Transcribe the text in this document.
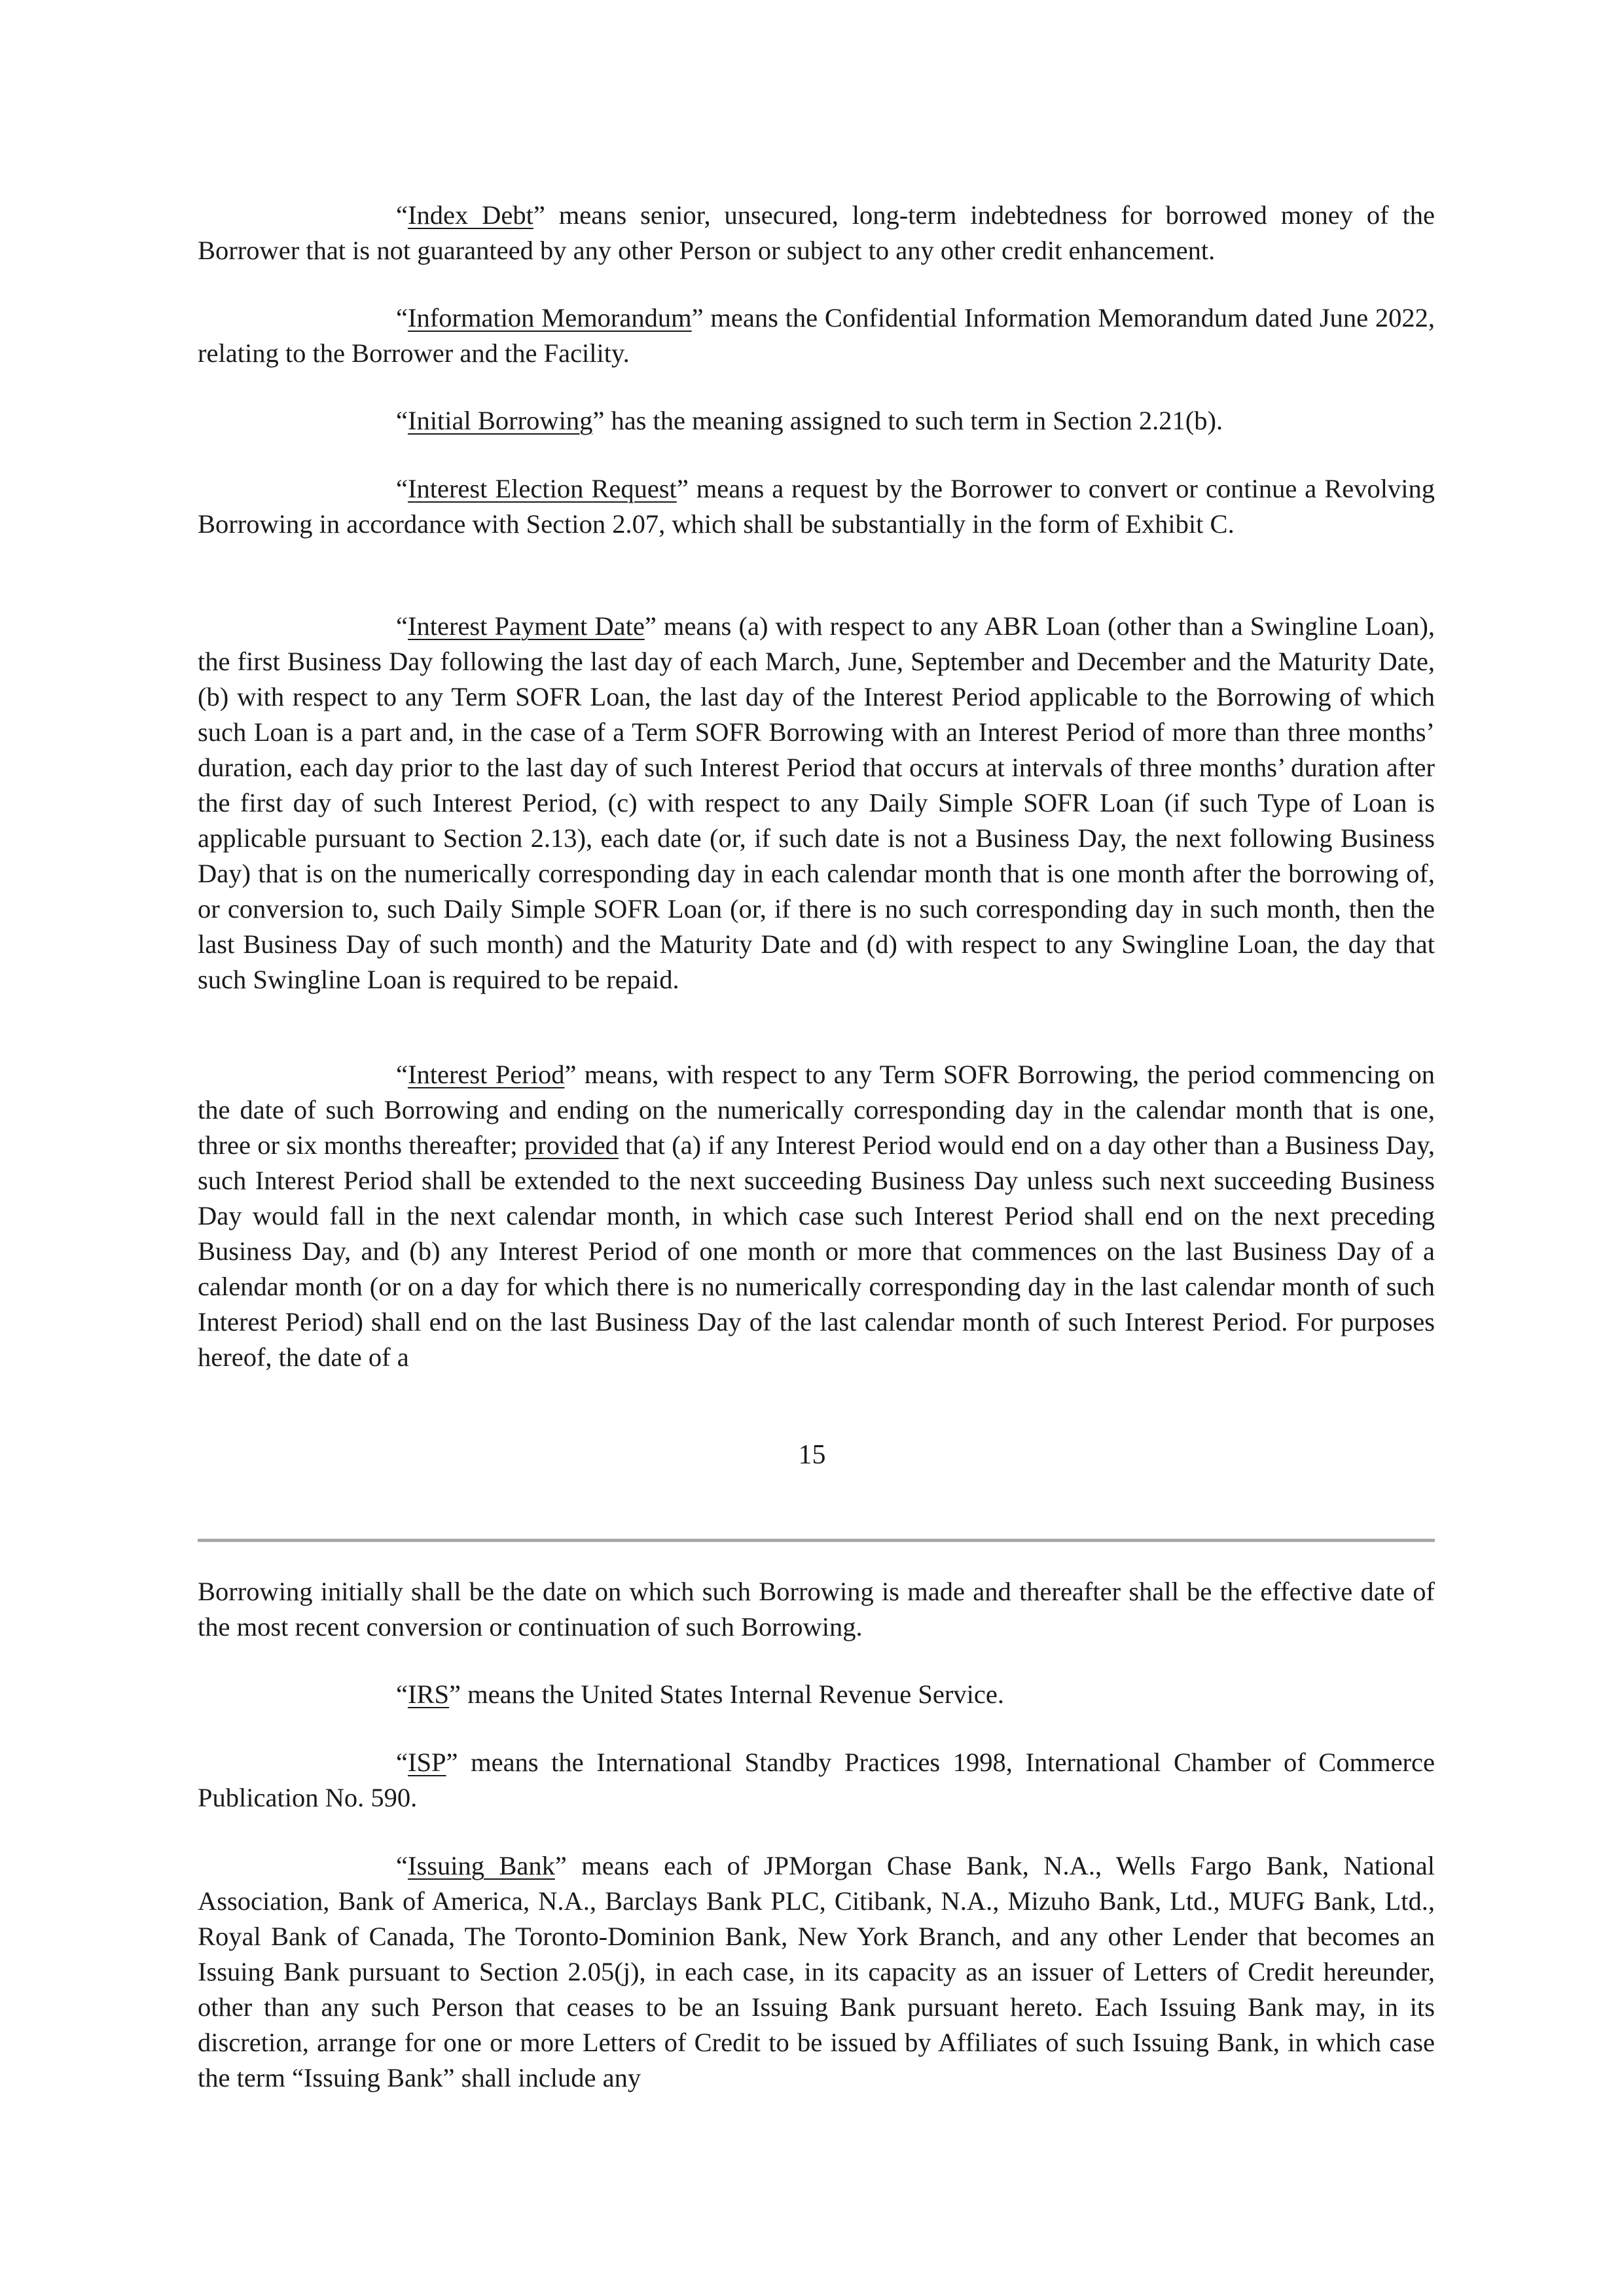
“Index Debt” means senior, unsecured, long-term indebtedness for borrowed money of the Borrower that is not guaranteed by any other Person or subject to any other credit enhancement.

“Information Memorandum” means the Confidential Information Memorandum dated June 2022, relating to the Borrower and the Facility.

“Initial Borrowing” has the meaning assigned to such term in Section 2.21(b).

“Interest Election Request” means a request by the Borrower to convert or continue a Revolving Borrowing in accordance with Section 2.07, which shall be substantially in the form of Exhibit C.

“Interest Payment Date” means (a) with respect to any ABR Loan (other than a Swingline Loan), the first Business Day following the last day of each March, June, September and December and the Maturity Date, (b) with respect to any Term SOFR Loan, the last day of the Interest Period applicable to the Borrowing of which such Loan is a part and, in the case of a Term SOFR Borrowing with an Interest Period of more than three months’ duration, each day prior to the last day of such Interest Period that occurs at intervals of three months’ duration after the first day of such Interest Period, (c) with respect to any Daily Simple SOFR Loan (if such Type of Loan is applicable pursuant to Section 2.13), each date (or, if such date is not a Business Day, the next following Business Day) that is on the numerically corresponding day in each calendar month that is one month after the borrowing of, or conversion to, such Daily Simple SOFR Loan (or, if there is no such corresponding day in such month, then the last Business Day of such month) and the Maturity Date and (d) with respect to any Swingline Loan, the day that such Swingline Loan is required to be repaid.

“Interest Period” means, with respect to any Term SOFR Borrowing, the period commencing on the date of such Borrowing and ending on the numerically corresponding day in the calendar month that is one, three or six months thereafter; provided that (a) if any Interest Period would end on a day other than a Business Day, such Interest Period shall be extended to the next succeeding Business Day unless such next succeeding Business Day would fall in the next calendar month, in which case such Interest Period shall end on the next preceding Business Day, and (b) any Interest Period of one month or more that commences on the last Business Day of a calendar month (or on a day for which there is no numerically corresponding day in the last calendar month of such Interest Period) shall end on the last Business Day of the last calendar month of such Interest Period. For purposes hereof, the date of a

15

Borrowing initially shall be the date on which such Borrowing is made and thereafter shall be the effective date of the most recent conversion or continuation of such Borrowing.

“IRS” means the United States Internal Revenue Service.

“ISP” means the International Standby Practices 1998, International Chamber of Commerce Publication No. 590.

“Issuing Bank” means each of JPMorgan Chase Bank, N.A., Wells Fargo Bank, National Association, Bank of America, N.A., Barclays Bank PLC, Citibank, N.A., Mizuho Bank, Ltd., MUFG Bank, Ltd., Royal Bank of Canada, The Toronto-Dominion Bank, New York Branch, and any other Lender that becomes an Issuing Bank pursuant to Section 2.05(j), in each case, in its capacity as an issuer of Letters of Credit hereunder, other than any such Person that ceases to be an Issuing Bank pursuant hereto. Each Issuing Bank may, in its discretion, arrange for one or more Letters of Credit to be issued by Affiliates of such Issuing Bank, in which case the term “Issuing Bank” shall include any
